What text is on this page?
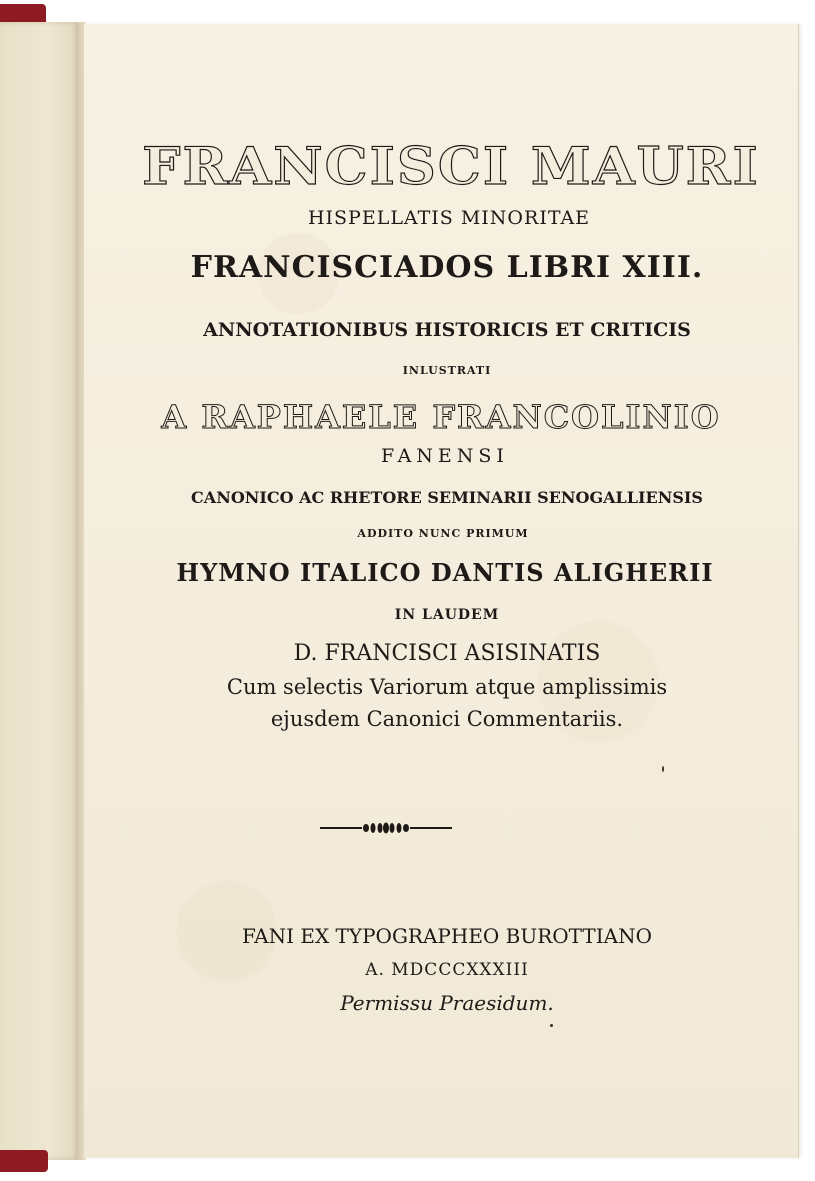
FRANCISCI MAURI
HISPELLATIS MINORITAE
FRANCISCIADOS LIBRI XIII.
ANNOTATIONIBUS HISTORICIS ET CRITICIS
INLUSTRATI
A RAPHAELE FRANCOLINIO
FANENSI
CANONICO AC RHETORE SEMINARII SENOGALLIENSIS
ADDITO NUNC PRIMUM
HYMNO ITALICO DANTIS ALIGHERII
IN LAUDEM
D. FRANCISCI ASISINATIS
Cum selectis Variorum atque amplissimis
ejusdem Canonici Commentariis.
FANI EX TYPOGRAPHEO BUROTTIANO
A. MDCCCXXXIII
Permissu Praesidum.
